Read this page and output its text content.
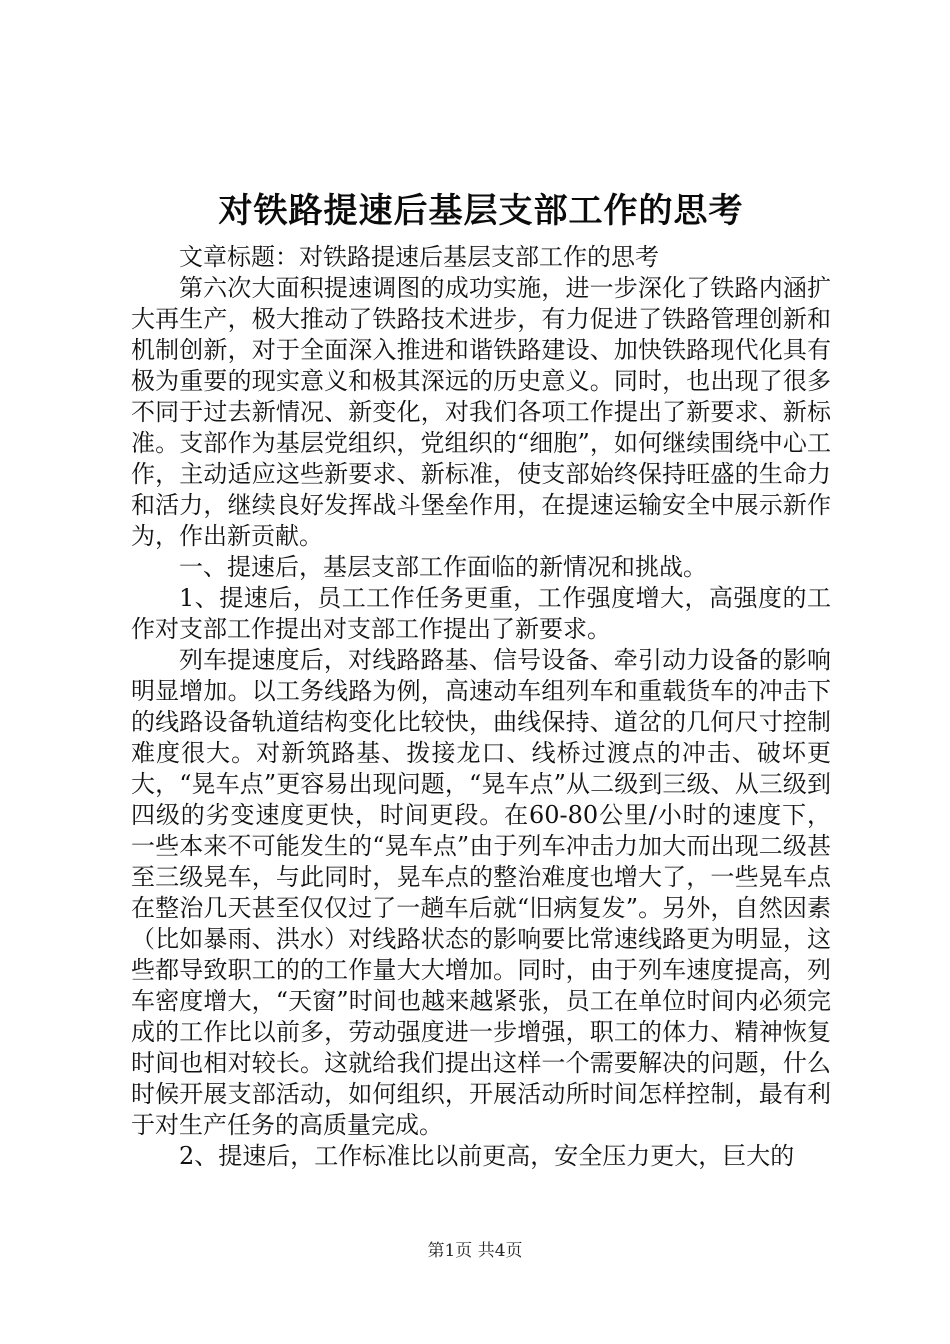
对铁路提速后基层支部工作的思考

文章标题：对铁路提速后基层支部工作的思考

第六次大面积提速调图的成功实施，进一步深化了铁路内涵扩大再生产，极大推动了铁路技术进步，有力促进了铁路管理创新和机制创新，对于全面深入推进和谐铁路建设、加快铁路现代化具有极为重要的现实意义和极其深远的历史意义。同时，也出现了很多不同于过去新情况、新变化，对我们各项工作提出了新要求、新标准。支部作为基层党组织，党组织的“细胞”，如何继续围绕中心工作，主动适应这些新要求、新标准，使支部始终保持旺盛的生命力和活力，继续良好发挥战斗堡垒作用，在提速运输安全中展示新作为，作出新贡献。

一、提速后，基层支部工作面临的新情况和挑战。

1、提速后，员工工作任务更重，工作强度增大，高强度的工作对支部工作提出对支部工作提出了新要求。

列车提速度后，对线路路基、信号设备、牵引动力设备的影响明显增加。以工务线路为例，高速动车组列车和重载货车的冲击下的线路设备轨道结构变化比较快，曲线保持、道岔的几何尺寸控制难度很大。对新筑路基、拨接龙口、线桥过渡点的冲击、破坏更大，“晃车点”更容易出现问题，“晃车点”从二级到三级、从三级到四级的劣变速度更快，时间更段。在60-80公里/小时的速度下，一些本来不可能发生的“晃车点”由于列车冲击力加大而出现二级甚至三级晃车，与此同时，晃车点的整治难度也增大了，一些晃车点在整治几天甚至仅仅过了一趟车后就“旧病复发”。另外，自然因素（比如暴雨、洪水）对线路状态的影响要比常速线路更为明显，这些都导致职工的的工作量大大增加。同时，由于列车速度提高，列车密度增大，“天窗”时间也越来越紧张，员工在单位时间内必须完成的工作比以前多，劳动强度进一步增强，职工的体力、精神恢复时间也相对较长。这就给我们提出这样一个需要解决的问题，什么时候开展支部活动，如何组织，开展活动所时间怎样控制，最有利于对生产任务的高质量完成。

2、提速后，工作标准比以前更高，安全压力更大，巨大的

第1页 共4页
